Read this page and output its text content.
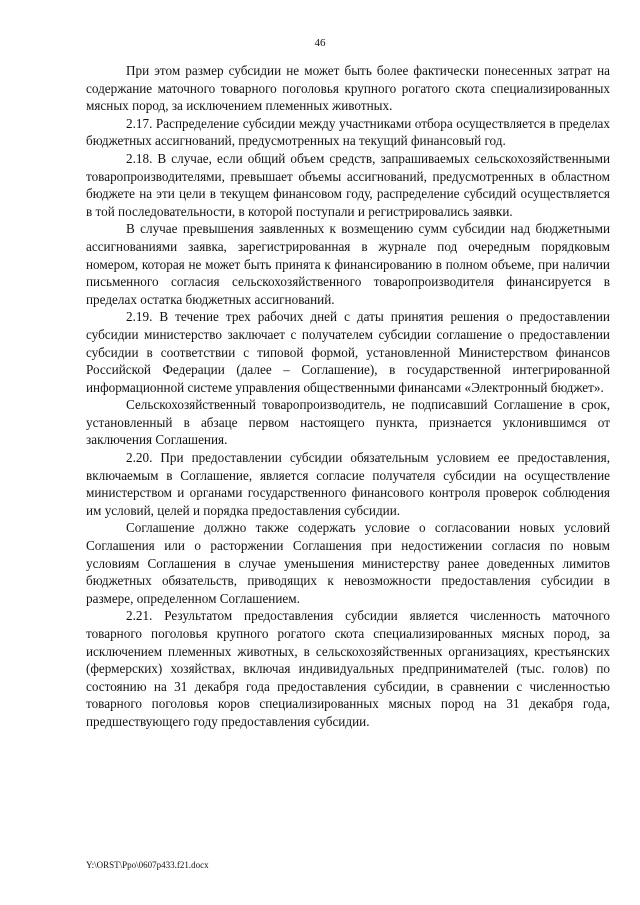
46

При этом размер субсидии не может быть более фактически понесенных затрат на содержание маточного товарного поголовья крупного рогатого скота специализированных мясных пород, за исключением племенных животных.

2.17. Распределение субсидии между участниками отбора осуществляется в пределах бюджетных ассигнований, предусмотренных на текущий финансовый год.

2.18. В случае, если общий объем средств, запрашиваемых сельскохозяйственными товаропроизводителями, превышает объемы ассигнований, предусмотренных в областном бюджете на эти цели в текущем финансовом году, распределение субсидий осуществляется в той последовательности, в которой поступали и регистрировались заявки.

В случае превышения заявленных к возмещению сумм субсидии над бюджетными ассигнованиями заявка, зарегистрированная в журнале под очередным порядковым номером, которая не может быть принята к финансированию в полном объеме, при наличии письменного согласия сельскохозяйственного товаропроизводителя финансируется в пределах остатка бюджетных ассигнований.

2.19. В течение трех рабочих дней с даты принятия решения о предоставлении субсидии министерство заключает с получателем субсидии соглашение о предоставлении субсидии в соответствии с типовой формой, установленной Министерством финансов Российской Федерации (далее – Соглашение), в государственной интегрированной информационной системе управления общественными финансами «Электронный бюджет».

Сельскохозяйственный товаропроизводитель, не подписавший Соглашение в срок, установленный в абзаце первом настоящего пункта, признается уклонившимся от заключения Соглашения.

2.20. При предоставлении субсидии обязательным условием ее предоставления, включаемым в Соглашение, является согласие получателя субсидии на осуществление министерством и органами государственного финансового контроля проверок соблюдения им условий, целей и порядка предоставления субсидии.

Соглашение должно также содержать условие о согласовании новых условий Соглашения или о расторжении Соглашения при недостижении согласия по новым условиям Соглашения в случае уменьшения министерству ранее доведенных лимитов бюджетных обязательств, приводящих к невозможности предоставления субсидии в размере, определенном Соглашением.

2.21. Результатом предоставления субсидии является численность маточного товарного поголовья крупного рогатого скота специализированных мясных пород, за исключением племенных животных, в сельскохозяйственных организациях, крестьянских (фермерских) хозяйствах, включая индивидуальных предпринимателей (тыс. голов) по состоянию на 31 декабря года предоставления субсидии, в сравнении с численностью товарного поголовья коров специализированных мясных пород на 31 декабря года, предшествующего году предоставления субсидии.

Y:\ORST\Ppo\0607p433.f21.docx
